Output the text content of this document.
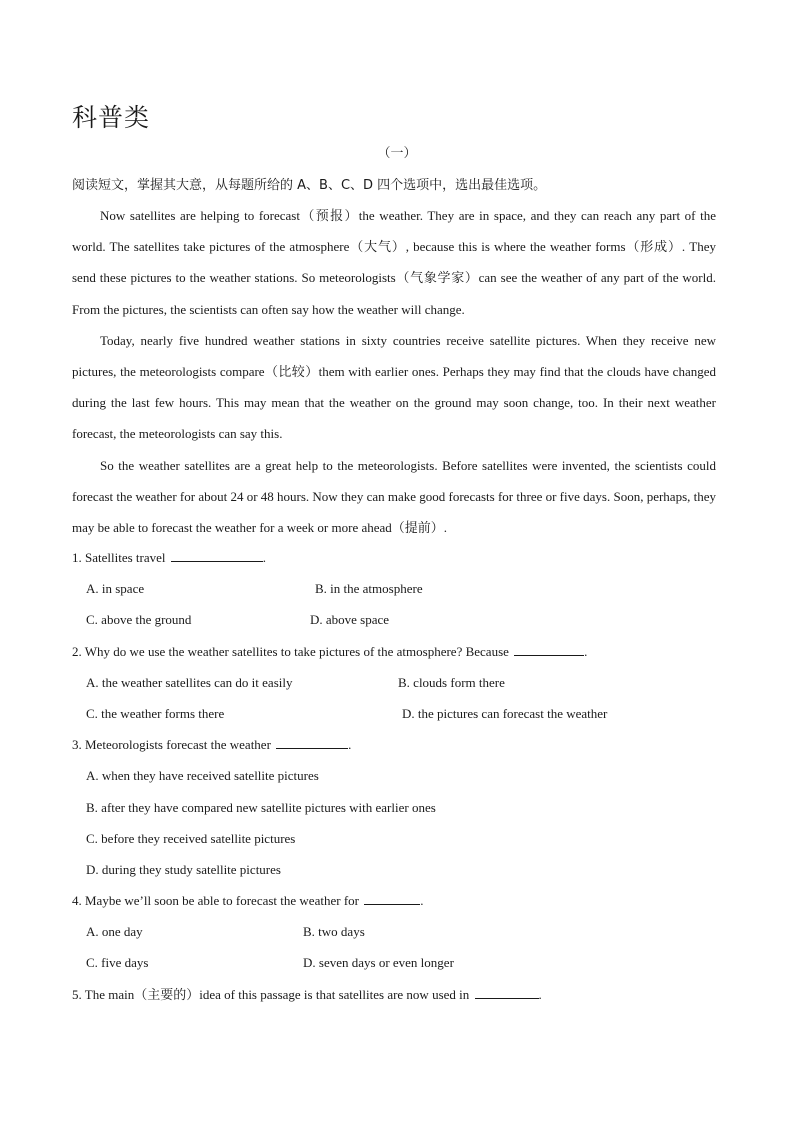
科普类
（一）
阅读短文，掌握其大意，从每题所给的 A、B、C、D 四个选项中，选出最佳选项。

Now satellites are helping to forecast（预报）the weather. They are in space, and they can reach any part of the world. The satellites take pictures of the atmosphere（大气）, because this is where the weather forms（形成）. They send these pictures to the weather stations. So meteorologists（气象学家）can see the weather of any part of the world. From the pictures, the scientists can often say how the weather will change.

Today, nearly five hundred weather stations in sixty countries receive satellite pictures. When they receive new pictures, the meteorologists compare（比较）them with earlier ones. Perhaps they may find that the clouds have changed during the last few hours. This may mean that the weather on the ground may soon change, too. In their next weather forecast, the meteorologists can say this.

So the weather satellites are a great help to the meteorologists. Before satellites were invented, the scientists could forecast the weather for about 24 or 48 hours. Now they can make good forecasts for three or five days. Soon, perhaps, they may be able to forecast the weather for a week or more ahead（提前）.

1. Satellites travel	.
A. in space	B. in the atmosphere
C. above the ground	D. above space
2. Why do we use the weather satellites to take pictures of the atmosphere? Because	.
A. the weather satellites can do it easily	B. clouds form there
C. the weather forms there	D. the pictures can forecast the weather
3. Meteorologists forecast the weather	.
A. when they have received satellite pictures
B. after they have compared new satellite pictures with earlier ones
C. before they received satellite pictures
D. during they study satellite pictures
4. Maybe we’ll soon be able to forecast the weather for	.
A. one day	B. two days
C. five days	D. seven days or even longer
5. The main（主要的）idea of this passage is that satellites are now used in	.
